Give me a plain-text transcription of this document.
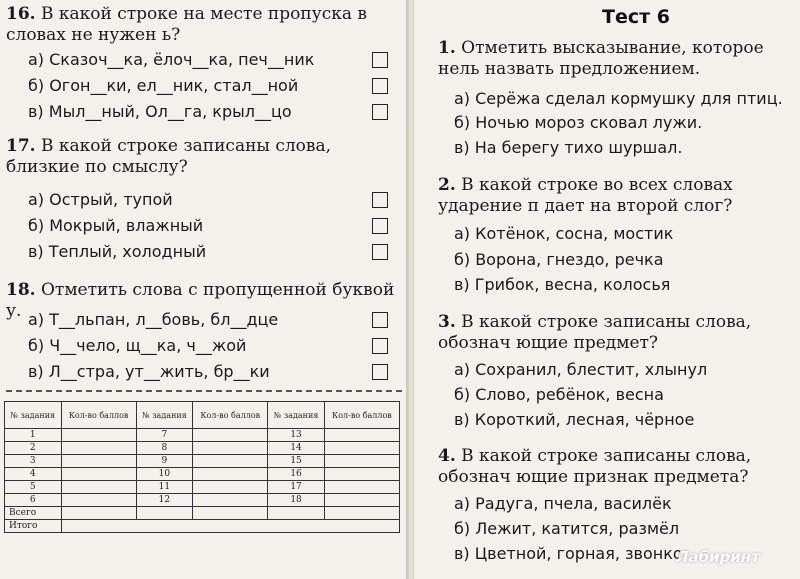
16. В какой строке на месте пропуска в словах не нужен ь?
а) Сказоч__ка, ёлоч__ка, печ__ник
б) Огон__ки, ел__ник, стал__ной
в) Мыл__ный, Ол__га, крыл__цо
17. В какой строке записаны слова, близкие по смыслу?
а) Острый, тупой
б) Мокрый, влажный
в) Теплый, холодный
18. Отметить слова с пропущенной буквой у. а) Т__льпан, л__бовь, бл__дце
б) Ч__чело, щ__ка, ч__жой
в) Л__стра, ут__жить, бр__ки
№ задания	Кол-во баллов	№ задания	Кол-во баллов	№ задания	Кол-во баллов
1		7		13	
2		8		14	
3		9		15	
4		10		16	
5		11		17	
6		12		18	
Всего					
Итого					
Тест 6
1. Отметить высказывание, которое нель назвать предложением.
а) Серёжа сделал кормушку для птиц.
б) Ночью мороз сковал лужи.
в) На берегу тихо шуршал.
2. В какой строке во всех словах ударение п дает на второй слог?
а) Котёнок, сосна, мостик
б) Ворона, гнездо, речка
в) Грибок, весна, колосья
3. В какой строке записаны слова, обознач ющие предмет?
а) Сохранил, блестит, хлынул
б) Слово, ребёнок, весна
в) Короткий, лесная, чёрное
4. В какой строке записаны слова, обознач ющие признак предмета?
а) Радуга, пчела, василёк
б) Лежит, катится, размёл
в) Цветной, горная, звонко
Лабиринт
